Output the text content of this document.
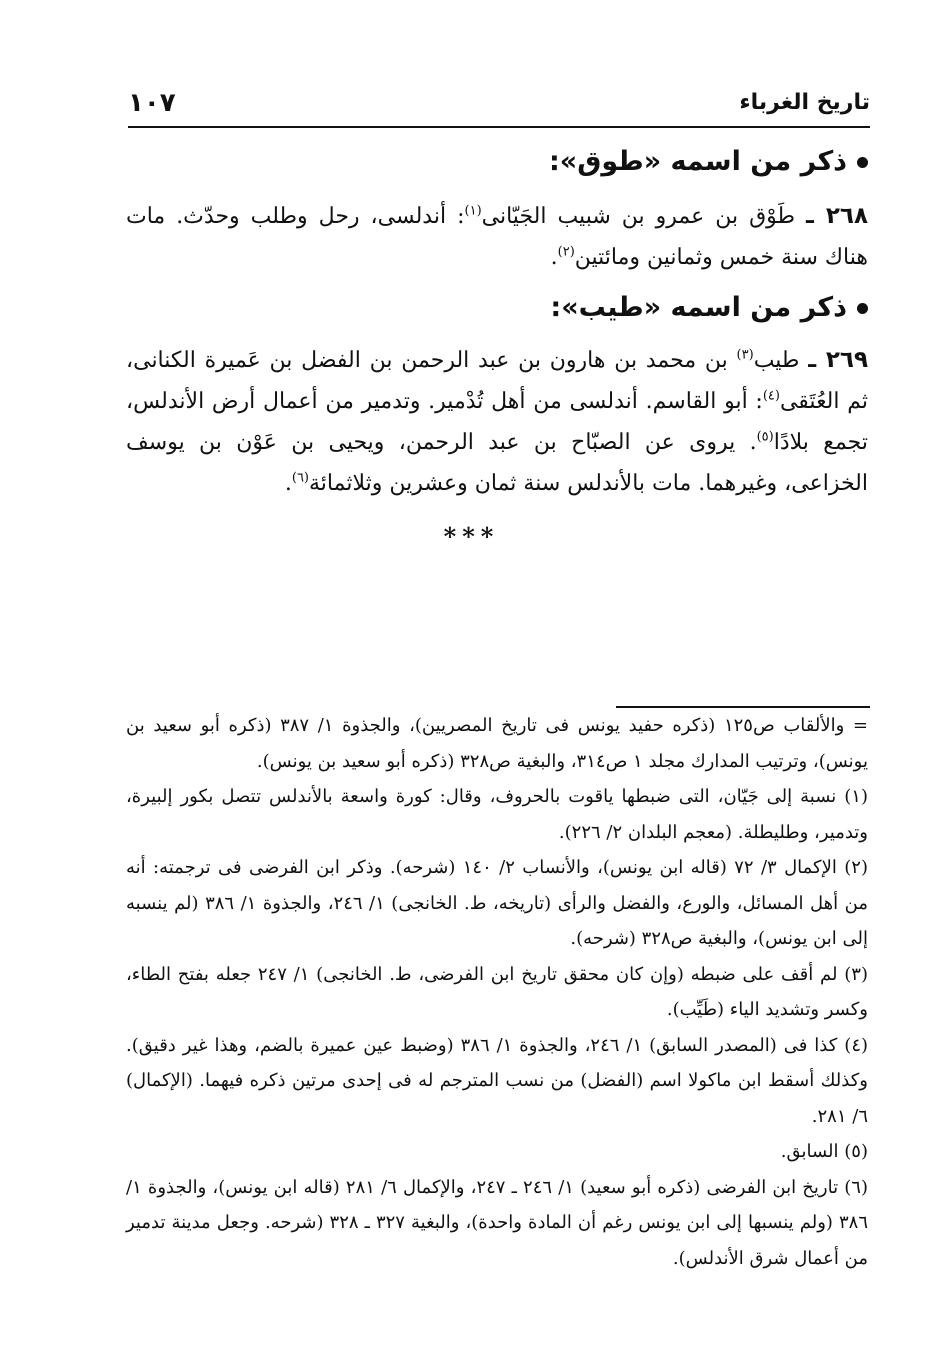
تاريخ الغرباء
١٠٧
ذكر من اسمه «طوق»:
٢٦٨ ـ طَوْق بن عمرو بن شبيب الجَيّانى$^{(١)}$: أندلسى، رحل وطلب وحدّث. مات هناك سنة خمس وثمانين ومائتين$^{(٢)}$.
ذكر من اسمه «طيب»:
٢٦٩ ـ طيب$^{(٣)}$ بن محمد بن هارون بن عبد الرحمن بن الفضل بن عَميرة الكنانى، ثم العُتَقى$^{(٤)}$: أبو القاسم. أندلسى من أهل تُدْمير. وتدمير من أعمال أرض الأندلس، تجمع بلادًا$^{(٥)}$. يروى عن الصبّاح بن عبد الرحمن، ويحيى بن عَوْن بن يوسف الخزاعى، وغيرهما. مات بالأندلس سنة ثمان وعشرين وثلاثمائة$^{(٦)}$.
***

= والألقاب ص١٢٥ (ذكره حفيد يونس فى تاريخ المصريين)، والجذوة ١/ ٣٨٧ (ذكره أبو سعيد بن يونس)، وترتيب المدارك مجلد ١ ص٣١٤، والبغية ص٣٢٨ (ذكره أبو سعيد بن يونس).

(١) نسبة إلى جَيّان، التى ضبطها ياقوت بالحروف، وقال: كورة واسعة بالأندلس تتصل بكور إلبيرة، وتدمير، وطليطلة. (معجم البلدان ٢/ ٢٢٦).

(٢) الإكمال ٣/ ٧٢ (قاله ابن يونس)، والأنساب ٢/ ١٤٠ (شرحه). وذكر ابن الفرضى فى ترجمته: أنه من أهل المسائل، والورع، والفضل والرأى (تاريخه، ط. الخانجى) ١/ ٢٤٦، والجذوة ١/ ٣٨٦ (لم ينسبه إلى ابن يونس)، والبغية ص٣٢٨ (شرحه).

(٣) لم أقف على ضبطه (وإن كان محقق تاريخ ابن الفرضى، ط. الخانجى) ١/ ٢٤٧ جعله بفتح الطاء، وكسر وتشديد الياء (طَيِّب).

(٤) كذا فى (المصدر السابق) ١/ ٢٤٦، والجذوة ١/ ٣٨٦ (وضبط عين عميرة بالضم، وهذا غير دقيق). وكذلك أسقط ابن ماكولا اسم (الفضل) من نسب المترجم له فى إحدى مرتين ذكره فيهما. (الإكمال) ٦/ ٢٨١.

(٥) السابق.

(٦) تاريخ ابن الفرضى (ذكره أبو سعيد) ١/ ٢٤٦ ـ ٢٤٧، والإكمال ٦/ ٢٨١ (قاله ابن يونس)، والجذوة ١/ ٣٨٦ (ولم ينسبها إلى ابن يونس رغم أن المادة واحدة)، والبغية ٣٢٧ ـ ٣٢٨ (شرحه. وجعل مدينة تدمير من أعمال شرق الأندلس).
